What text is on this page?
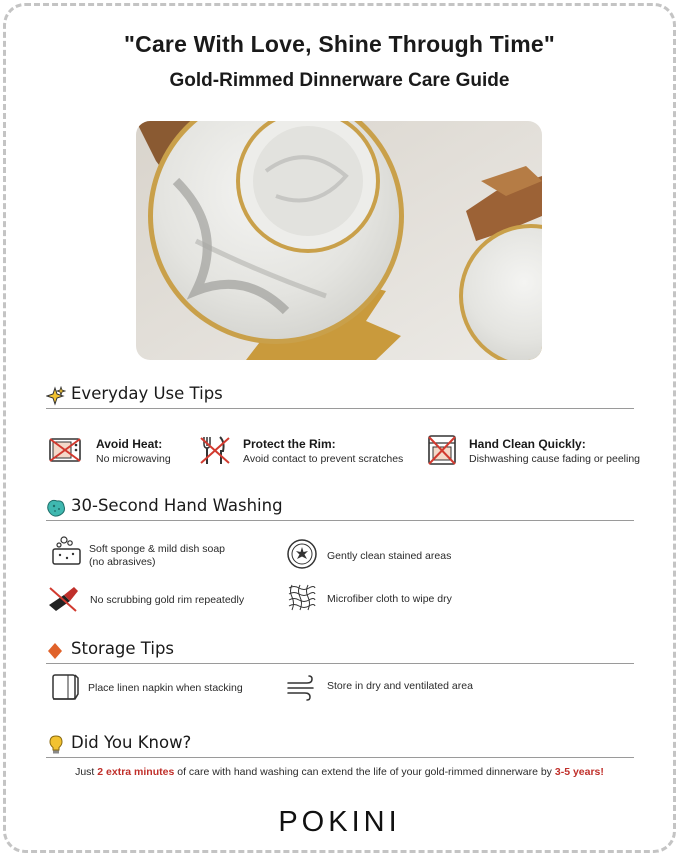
"Care With Love, Shine Through Time"
Gold-Rimmed Dinnerware Care Guide
Everyday Use Tips
Avoid Heat:
No microwaving
Protect the Rim:
Avoid contact to prevent scratches
Hand Clean Quickly:
Dishwashing cause fading or peeling
30-Second Hand Washing
Soft sponge & mild dish soap
(no abrasives)	Gently clean stained areas
No scrubbing gold rim repeatedly	Microfiber cloth to wipe dry
Storage Tips
Place linen napkin when stacking	Store in dry and ventilated area
Did You Know?
Just 2 extra minutes of care with hand washing can extend the life of your gold-rimmed dinnerware by 3-5 years!
POKINI
